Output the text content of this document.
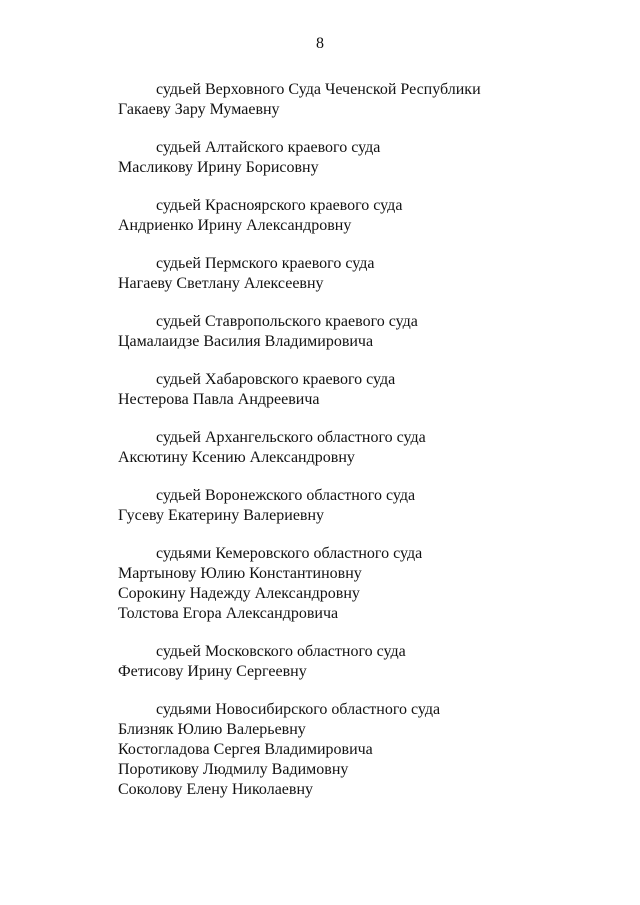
8
судьей Верховного Суда Чеченской Республики
Гакаеву Зару Мумаевну
судьей Алтайского краевого суда
Масликову Ирину Борисовну
судьей Красноярского краевого суда
Андриенко Ирину Александровну
судьей Пермского краевого суда
Нагаеву Светлану Алексеевну
судьей Ставропольского краевого суда
Цамалаидзе Василия Владимировича
судьей Хабаровского краевого суда
Нестерова Павла Андреевича
судьей Архангельского областного суда
Аксютину Ксению Александровну
судьей Воронежского областного суда
Гусеву Екатерину Валериевну
судьями Кемеровского областного суда
Мартынову Юлию Константиновну
Сорокину Надежду Александровну
Толстова Егора Александровича
судьей Московского областного суда
Фетисову Ирину Сергеевну
судьями Новосибирского областного суда
Близняк Юлию Валерьевну
Костогладова Сергея Владимировича
Поротикову Людмилу Вадимовну
Соколову Елену Николаевну
